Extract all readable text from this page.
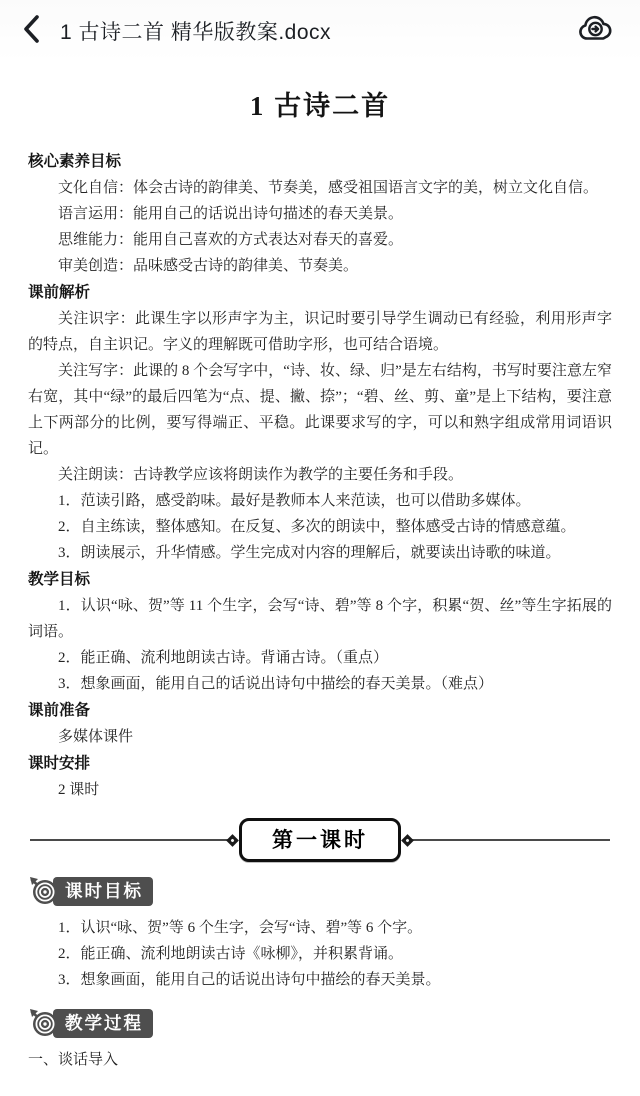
1 古诗二首 精华版教案.docx
1 古诗二首
核心素养目标

文化自信：体会古诗的韵律美、节奏美，感受祖国语言文字的美，树立文化自信。

语言运用：能用自己的话说出诗句描述的春天美景。

思维能力：能用自己喜欢的方式表达对春天的喜爱。

审美创造：品味感受古诗的韵律美、节奏美。

课前解析

关注识字：此课生字以形声字为主，识记时要引导学生调动已有经验，利用形声字的特点，自主识记。字义的理解既可借助字形，也可结合语境。

关注写字：此课的 8 个会写字中，“诗、妆、绿、归”是左右结构，书写时要注意左窄右宽，其中“绿”的最后四笔为“点、提、撇、捺”；“碧、丝、剪、童”是上下结构，要注意上下两部分的比例，要写得端正、平稳。此课要求写的字，可以和熟字组成常用词语识记。

关注朗读：古诗教学应该将朗读作为教学的主要任务和手段。

1．范读引路，感受韵味。最好是教师本人来范读，也可以借助多媒体。

2．自主练读，整体感知。在反复、多次的朗读中，整体感受古诗的情感意蕴。

3．朗读展示，升华情感。学生完成对内容的理解后，就要读出诗歌的味道。

教学目标

1．认识“咏、贺”等 11 个生字，会写“诗、碧”等 8 个字，积累“贺、丝”等生字拓展的词语。

2．能正确、流利地朗读古诗。背诵古诗。（重点）

3．想象画面，能用自己的话说出诗句中描绘的春天美景。（难点）

课前准备

多媒体课件

课时安排

2 课时

第一课时
课时目标

1．认识“咏、贺”等 6 个生字，会写“诗、碧”等 6 个字。

2．能正确、流利地朗读古诗《咏柳》，并积累背诵。

3．想象画面，能用自己的话说出诗句中描绘的春天美景。

教学过程

一、谈话导入
